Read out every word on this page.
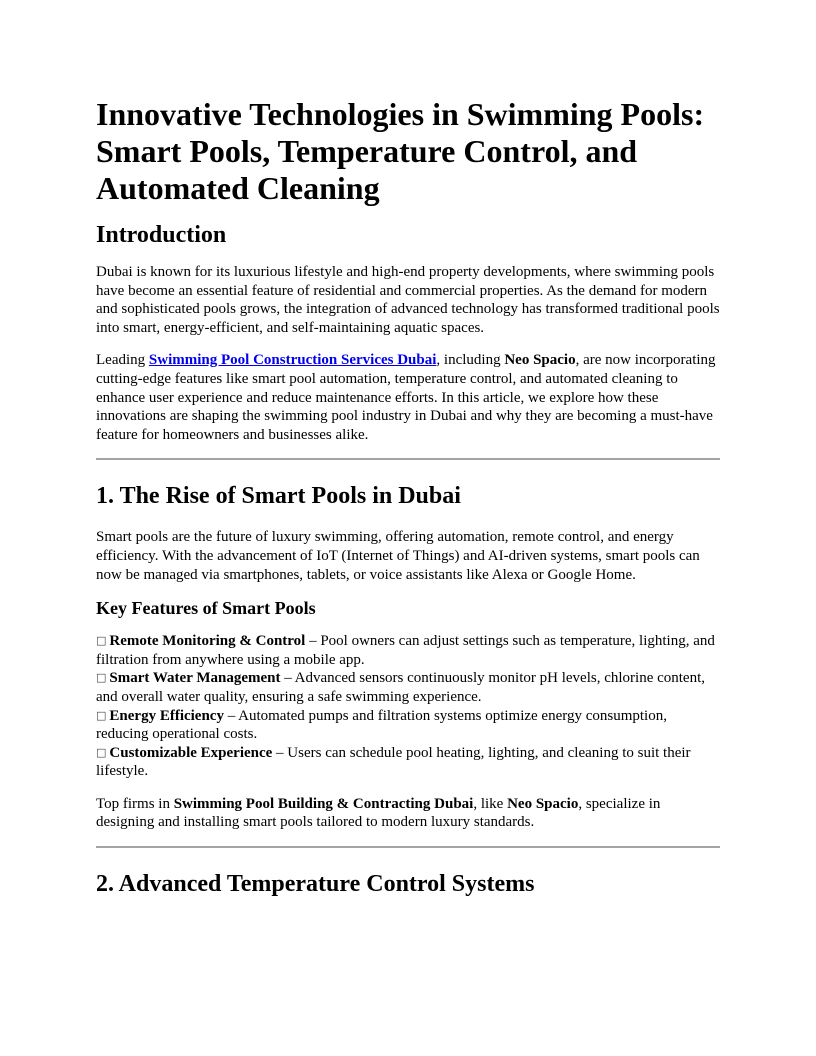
Innovative Technologies in Swimming Pools: Smart Pools, Temperature Control, and Automated Cleaning
Introduction

Dubai is known for its luxurious lifestyle and high-end property developments, where swimming pools have become an essential feature of residential and commercial properties. As the demand for modern and sophisticated pools grows, the integration of advanced technology has transformed traditional pools into smart, energy-efficient, and self-maintaining aquatic spaces.

Leading Swimming Pool Construction Services Dubai, including Neo Spacio, are now incorporating cutting-edge features like smart pool automation, temperature control, and automated cleaning to enhance user experience and reduce maintenance efforts. In this article, we explore how these innovations are shaping the swimming pool industry in Dubai and why they are becoming a must-have feature for homeowners and businesses alike.

1. The Rise of Smart Pools in Dubai

Smart pools are the future of luxury swimming, offering automation, remote control, and energy efficiency. With the advancement of IoT (Internet of Things) and AI-driven systems, smart pools can now be managed via smartphones, tablets, or voice assistants like Alexa or Google Home.

Key Features of Smart Pools

□ Remote Monitoring & Control – Pool owners can adjust settings such as temperature, lighting, and filtration from anywhere using a mobile app.
□ Smart Water Management – Advanced sensors continuously monitor pH levels, chlorine content, and overall water quality, ensuring a safe swimming experience.
□ Energy Efficiency – Automated pumps and filtration systems optimize energy consumption, reducing operational costs.
□ Customizable Experience – Users can schedule pool heating, lighting, and cleaning to suit their lifestyle.

Top firms in Swimming Pool Building & Contracting Dubai, like Neo Spacio, specialize in designing and installing smart pools tailored to modern luxury standards.

2. Advanced Temperature Control Systems
